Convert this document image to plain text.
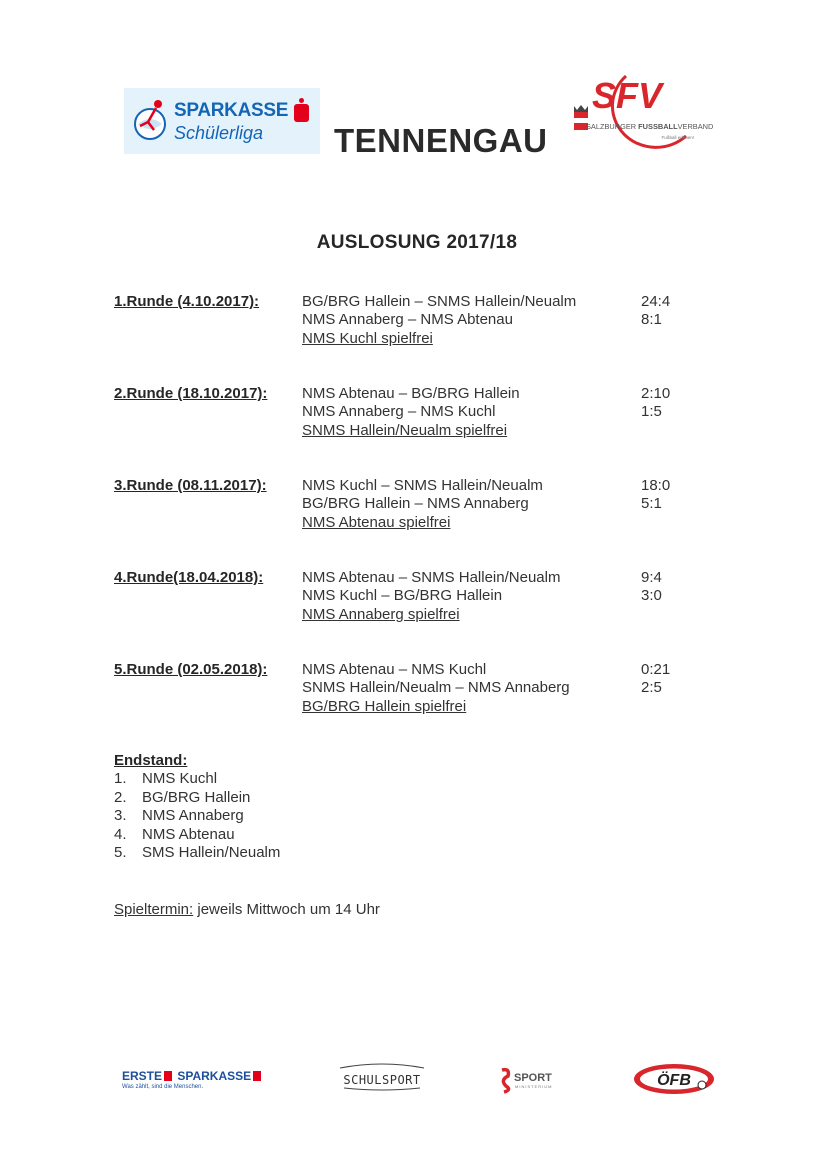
SPARKASSE
Schülerliga TENNENGAU
SFV
SALZBURGER FUSSBALLVERBAND
Fußball erleben!
AUSLOSUNG 2017/18
1.Runde (4.10.2017):	BG/BRG Hallein – SNMS Hallein/Neualm	24:4
NMS Annaberg – NMS Abtenau	8:1
NMS Kuchl spielfrei
2.Runde (18.10.2017): NMS Abtenau – BG/BRG Hallein	2:10
NMS Annaberg – NMS Kuchl	1:5
SNMS Hallein/Neualm spielfrei
3.Runde (08.11.2017): NMS Kuchl – SNMS Hallein/Neualm	18:0
BG/BRG Hallein – NMS Annaberg	5:1
NMS Abtenau spielfrei
4.Runde(18.04.2018):	NMS Abtenau – SNMS Hallein/Neualm	9:4
NMS Kuchl – BG/BRG Hallein	3:0
NMS Annaberg spielfrei
5.Runde (02.05.2018): NMS Abtenau – NMS Kuchl	0:21
SNMS Hallein/Neualm – NMS Annaberg	2:5
BG/BRG Hallein spielfrei
Endstand:
1. NMS Kuchl
2. BG/BRG Hallein
3. NMS Annaberg
4. NMS Abtenau
5. SMS Hallein/Neualm
Spieltermin: jeweils Mittwoch um 14 Uhr
ERSTE SPARKASSE
Was zählt, sind die Menschen.	SCHULSPORT	SPORT
MINISTERIUM	ÖFB
